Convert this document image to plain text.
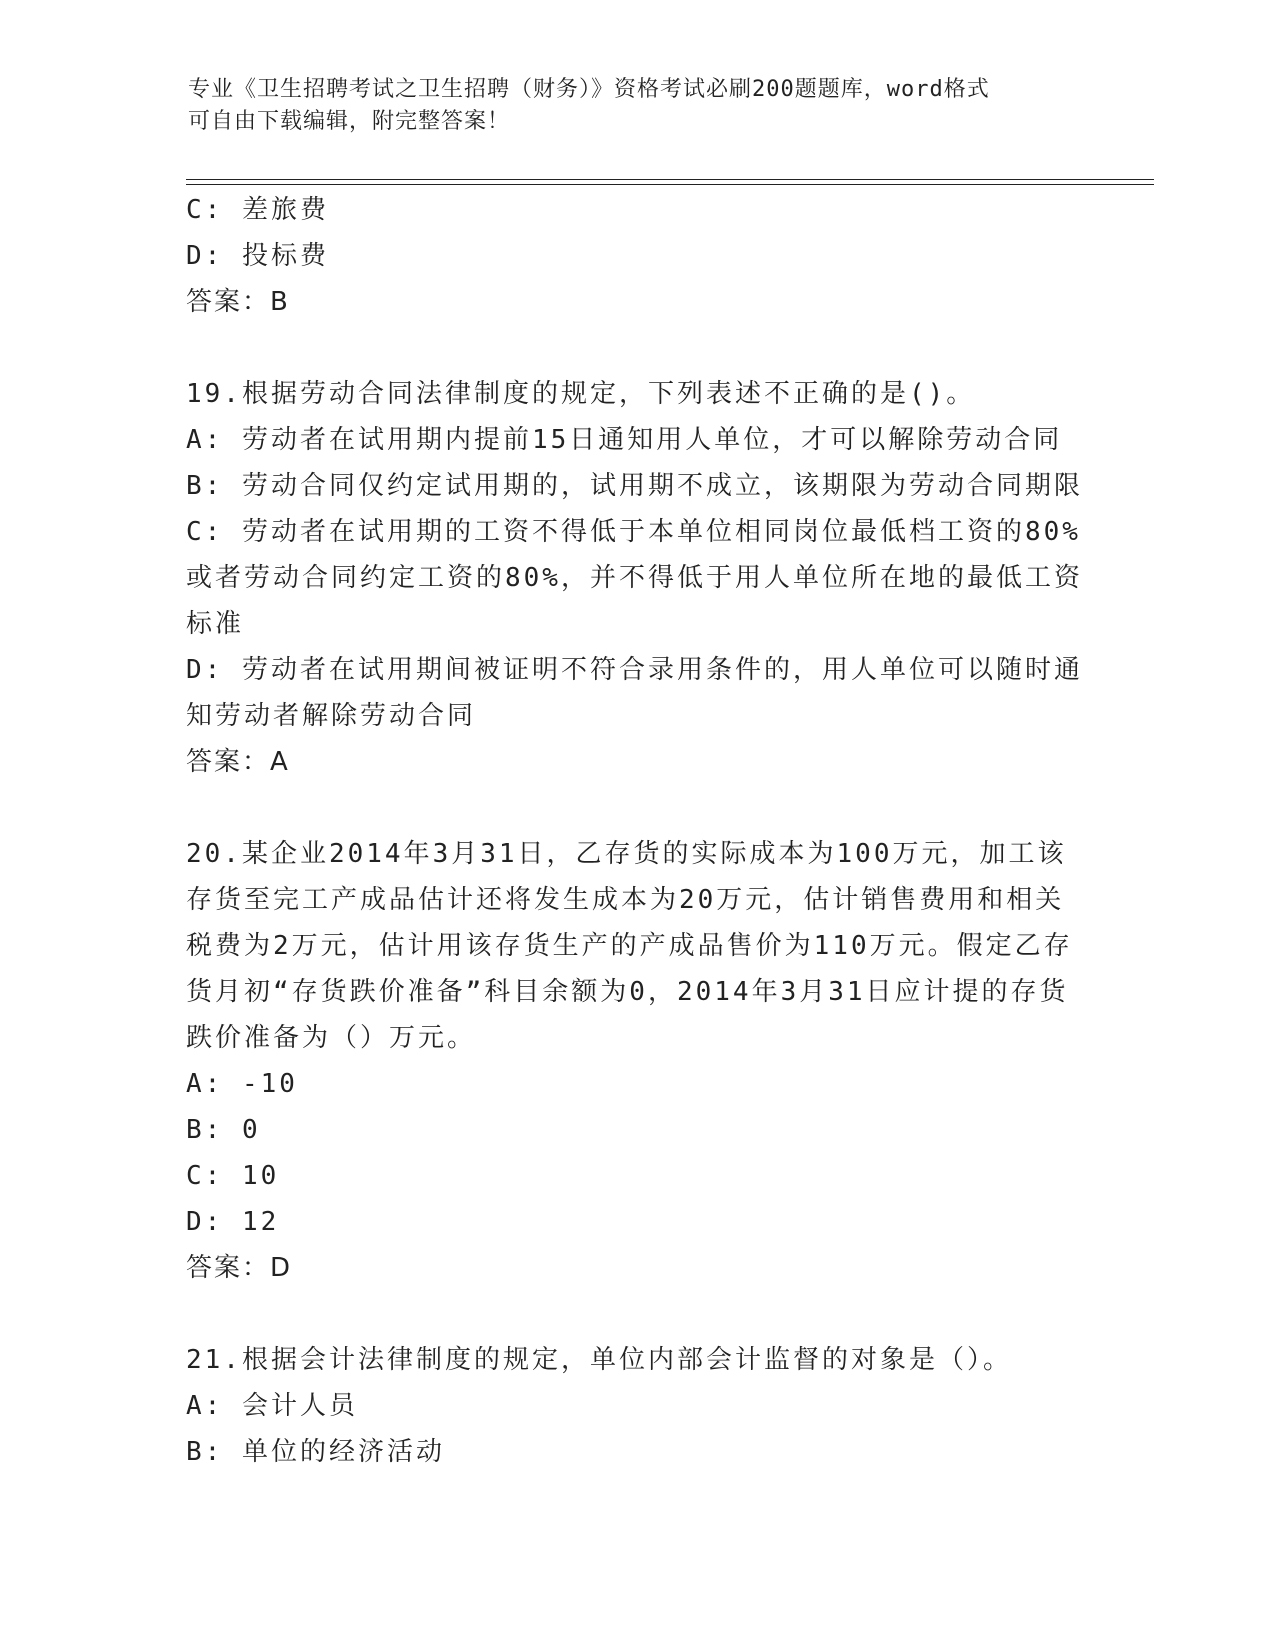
专业《卫生招聘考试之卫生招聘（财务）》资格考试必刷200题题库，word格式
可自由下载编辑，附完整答案！
C: 差旅费
D: 投标费
答案：B
19.根据劳动合同法律制度的规定，下列表述不正确的是()。
A: 劳动者在试用期内提前15日通知用人单位，才可以解除劳动合同
B: 劳动合同仅约定试用期的，试用期不成立，该期限为劳动合同期限
C: 劳动者在试用期的工资不得低于本单位相同岗位最低档工资的80%或者劳动合同约定工资的80%，并不得低于用人单位所在地的最低工资标准
D: 劳动者在试用期间被证明不符合录用条件的，用人单位可以随时通知劳动者解除劳动合同
答案：A
20.某企业2014年3月31日，乙存货的实际成本为100万元，加工该存货至完工产成品估计还将发生成本为20万元，估计销售费用和相关税费为2万元，估计用该存货生产的产成品售价为110万元。假定乙存货月初“存货跌价准备”科目余额为0，2014年3月31日应计提的存货跌价准备为（）万元。
A: -10
B: 0
C: 10
D: 12
答案：D
21.根据会计法律制度的规定，单位内部会计监督的对象是（）。
A: 会计人员
B: 单位的经济活动
